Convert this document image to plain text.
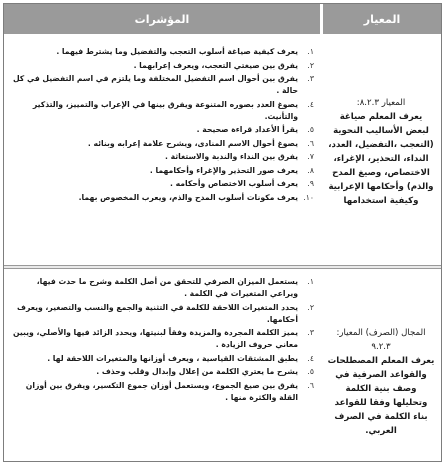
المعيار
المؤشرات
المعيار ٨.٢.٣:
يعرف المعلم صياغة لبعض الأساليب النحوية (التعجب ،التفضيل، العدد، النداء، التحذير، الإغراء، الاختصاص، وصيغ المدح والذم) وأحكامها الإعرابية وكيفية استخدامها
١.
يعرف كيفية صياغة أسلوب التعجب والتفضيل وما يشترط فيهما .
٢.
يفرق بين صيغتي التعجب، ويعرف إعرابهما .
٣.
يفرق بين أحوال اسم التفضيل المختلفة وما يلتزم في اسم التفضيل في كل حالة .
٤.
يصوغ العدد بصوره المتنوعة ويفرق بينها في الإعراب والتمييز، والتذكير والتأنيث.
٥.
يقرأ الأعداد قراءة صحيحة .
٦.
يصوغ أحوال الاسم المنادى، ويشرح علامة إعرابه وبنائه .
٧.
يفرق بين النداء والندبة والاستغاثة .
٨.
يعرف صور التحذير والإغراء وأحكامهما .
٩.
يعرف أسلوب الاختصاص وأحكامه .
١٠.
يعرف مكونات أسلوب المدح والذم، ويعرب المخصوص بهما.
المجال (الصرف) المعيار: ٩.٢.٣
يعرف المعلم المصطلحات والقواعد الصرفية في وصف بنية الكلمة وتحليلها وفقا للقواعد بناء الكلمة في الصرف العربي.
١.
يستعمل الميزان الصرفي للتحقق من أصل الكلمة وشرح ما حدث فيها، ويراعي المتغيرات في الكلمة .
٢.
يحدد المتغيرات اللاحقة للكلمة في التثنية والجمع والنسب والتصغير، ويعرف أحكامها.
٣.
يميز الكلمة المجردة والمزيدة وفقاً لبنيتها، ويحدد الزائد فيها والأصلي، ويبين معاني حروف الزيادة .
٤.
يطبق المشتقات القياسية ، ويعرف أوزانها والمتغيرات اللاحقة لها .
٥.
يشرح ما يعتري الكلمة من إعلال وإبدال وقلب وحذف .
٦.
يفرق بين صيغ الجموع، ويستعمل أوزان جموع التكسير، ويفرق بين أوزان القلة والكثرة منها .
